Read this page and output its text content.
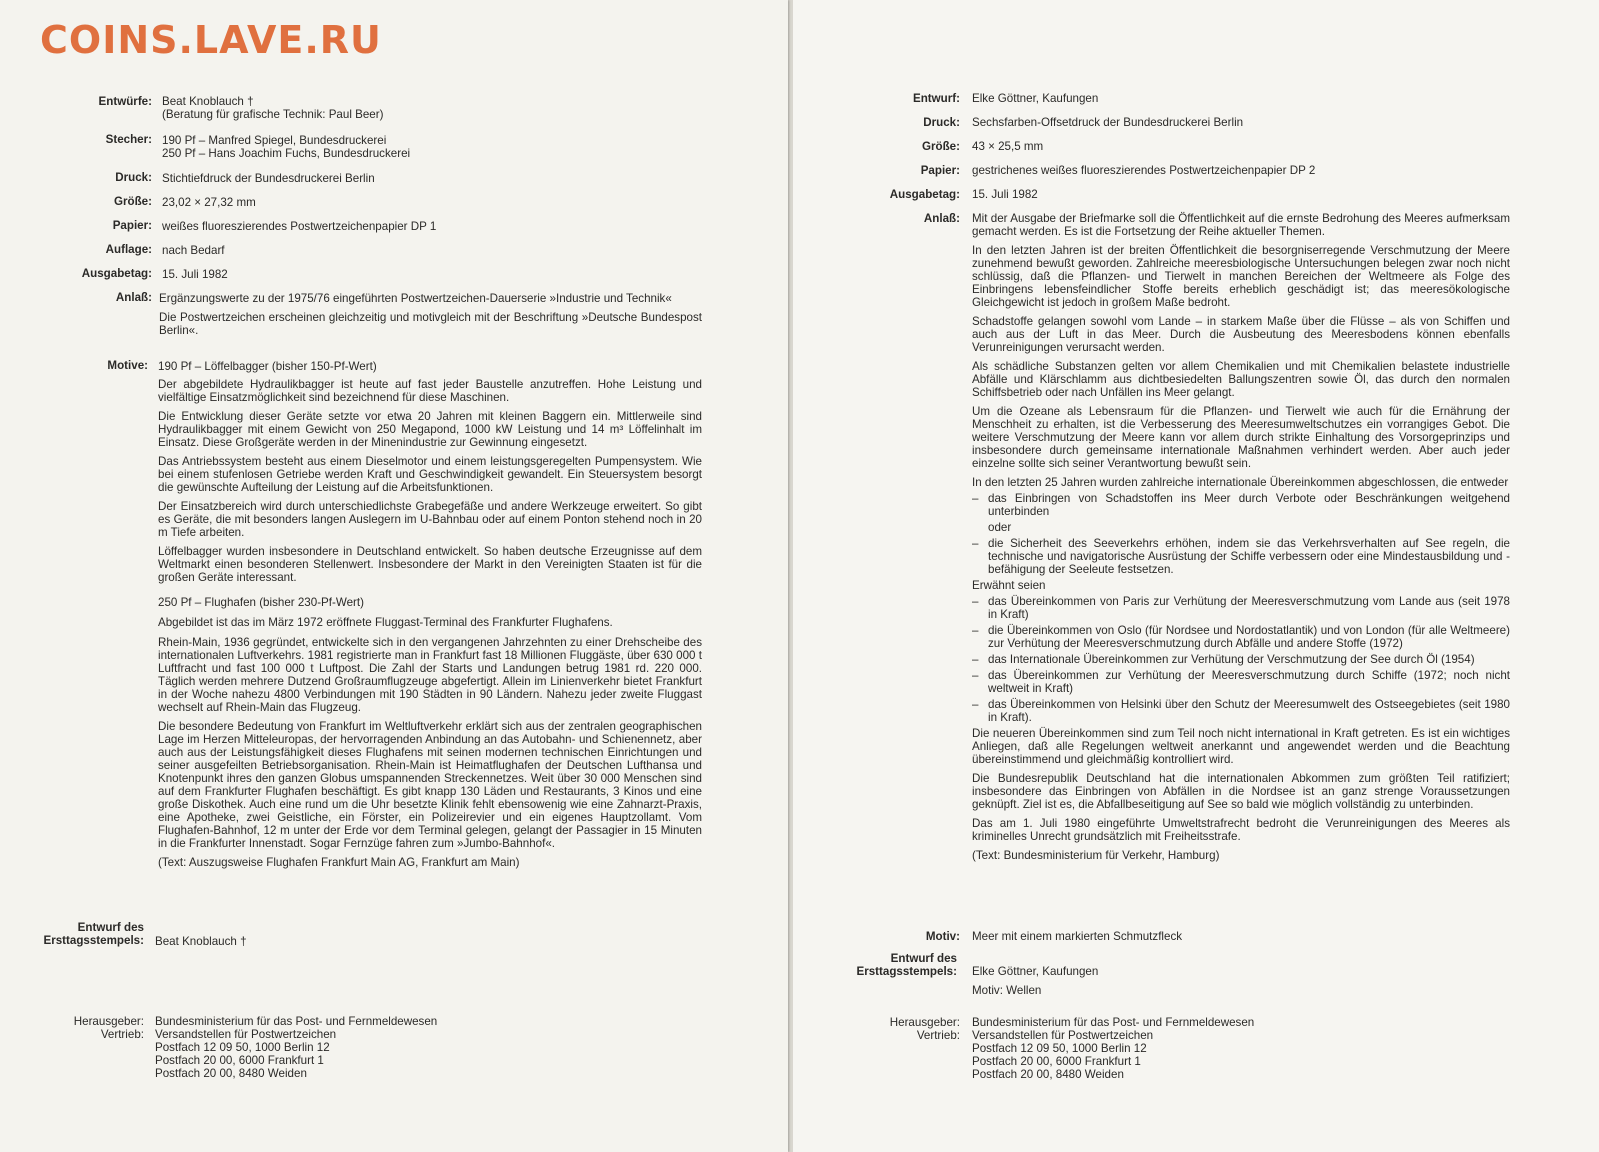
COINS.LAVE.RU
Entwürfe: Beat Knoblauch †
(Beratung für grafische Technik: Paul Beer)
Stecher: 190 Pf – Manfred Spiegel, Bundesdruckerei
250 Pf – Hans Joachim Fuchs, Bundesdruckerei
Druck: Stichtiefdruck der Bundesdruckerei Berlin
Größe: 23,02 × 27,32 mm
Papier: weißes fluoreszierendes Postwertzeichenpapier DP 1
Auflage: nach Bedarf
Ausgabetag: 15. Juli 1982
Anlaß: Ergänzungswerte zu der 1975/76 eingeführten Postwertzeichen-Dauerserie »Industrie und Technik«

Die Postwertzeichen erscheinen gleichzeitig und motivgleich mit der Beschriftung »Deutsche Bundespost Berlin«.

Motive: 190 Pf – Löffelbagger (bisher 150-Pf-Wert)

Der abgebildete Hydraulikbagger ist heute auf fast jeder Baustelle anzutreffen. Hohe Leistung und vielfältige Einsatzmöglichkeit sind bezeichnend für diese Maschinen.

Die Entwicklung dieser Geräte setzte vor etwa 20 Jahren mit kleinen Baggern ein. Mittlerweile sind Hydraulikbagger mit einem Gewicht von 250 Megapond, 1000 kW Leistung und 14 m³ Löffelinhalt im Einsatz. Diese Großgeräte werden in der Minenindustrie zur Gewinnung eingesetzt.

Das Antriebssystem besteht aus einem Dieselmotor und einem leistungsgeregelten Pumpensystem. Wie bei einem stufenlosen Getriebe werden Kraft und Geschwindigkeit gewandelt. Ein Steuersystem besorgt die gewünschte Aufteilung der Leistung auf die Arbeitsfunktionen.

Der Einsatzbereich wird durch unterschiedlichste Grabegefäße und andere Werkzeuge erweitert. So gibt es Geräte, die mit besonders langen Auslegern im U-Bahnbau oder auf einem Ponton stehend noch in 20 m Tiefe arbeiten.

Löffelbagger wurden insbesondere in Deutschland entwickelt. So haben deutsche Erzeugnisse auf dem Weltmarkt einen besonderen Stellenwert. Insbesondere der Markt in den Vereinigten Staaten ist für die großen Geräte interessant.

250 Pf – Flughafen (bisher 230-Pf-Wert)

Abgebildet ist das im März 1972 eröffnete Fluggast-Terminal des Frankfurter Flughafens.

Rhein-Main, 1936 gegründet, entwickelte sich in den vergangenen Jahrzehnten zu einer Drehscheibe des internationalen Luftverkehrs. 1981 registrierte man in Frankfurt fast 18 Millionen Fluggäste, über 630 000 t Luftfracht und fast 100 000 t Luftpost. Die Zahl der Starts und Landungen betrug 1981 rd. 220 000. Täglich werden mehrere Dutzend Großraumflugzeuge abgefertigt. Allein im Linienverkehr bietet Frankfurt in der Woche nahezu 4800 Verbindungen mit 190 Städten in 90 Ländern. Nahezu jeder zweite Fluggast wechselt auf Rhein-Main das Flugzeug.

Die besondere Bedeutung von Frankfurt im Weltluftverkehr erklärt sich aus der zentralen geographischen Lage im Herzen Mitteleuropas, der hervorragenden Anbindung an das Autobahn- und Schienennetz, aber auch aus der Leistungsfähigkeit dieses Flughafens mit seinen modernen technischen Einrichtungen und seiner ausgefeilten Betriebsorganisation. Rhein-Main ist Heimatflughafen der Deutschen Lufthansa und Knotenpunkt ihres den ganzen Globus umspannenden Streckennetzes. Weit über 30 000 Menschen sind auf dem Frankfurter Flughafen beschäftigt. Es gibt knapp 130 Läden und Restaurants, 3 Kinos und eine große Diskothek. Auch eine rund um die Uhr besetzte Klinik fehlt ebensowenig wie eine Zahnarzt-Praxis, eine Apotheke, zwei Geistliche, ein Förster, ein Polizeirevier und ein eigenes Hauptzollamt. Vom Flughafen-Bahnhof, 12 m unter der Erde vor dem Terminal gelegen, gelangt der Passagier in 15 Minuten in die Frankfurter Innenstadt. Sogar Fernzüge fahren zum »Jumbo-Bahnhof«.

(Text: Auszugsweise Flughafen Frankfurt Main AG, Frankfurt am Main)

Entwurf des
Ersttagsstempels: Beat Knoblauch †
Herausgeber:
Vertrieb:
Bundesministerium für das Post- und Fernmeldewesen
Versandstellen für Postwertzeichen
Postfach 12 09 50, 1000 Berlin 12
Postfach 20 00, 6000 Frankfurt 1
Postfach 20 00, 8480 Weiden
Entwurf: Elke Göttner, Kaufungen
Druck: Sechsfarben-Offsetdruck der Bundesdruckerei Berlin
Größe: 43 × 25,5 mm
Papier: gestrichenes weißes fluoreszierendes Postwertzeichenpapier DP 2
Ausgabetag: 15. Juli 1982
Anlaß: Mit der Ausgabe der Briefmarke soll die Öffentlichkeit auf die ernste Bedrohung des Meeres aufmerksam gemacht werden. Es ist die Fortsetzung der Reihe aktueller Themen.

In den letzten Jahren ist der breiten Öffentlichkeit die besorgniserregende Verschmutzung der Meere zunehmend bewußt geworden. Zahlreiche meeresbiologische Untersuchungen belegen zwar noch nicht schlüssig, daß die Pflanzen- und Tierwelt in manchen Bereichen der Weltmeere als Folge des Einbringens lebensfeindlicher Stoffe bereits erheblich geschädigt ist; das meeresökologische Gleichgewicht ist jedoch in großem Maße bedroht.

Schadstoffe gelangen sowohl vom Lande – in starkem Maße über die Flüsse – als von Schiffen und auch aus der Luft in das Meer. Durch die Ausbeutung des Meeresbodens können ebenfalls Verunreinigungen verursacht werden.

Als schädliche Substanzen gelten vor allem Chemikalien und mit Chemikalien belastete industrielle Abfälle und Klärschlamm aus dichtbesiedelten Ballungszentren sowie Öl, das durch den normalen Schiffsbetrieb oder nach Unfällen ins Meer gelangt.

Um die Ozeane als Lebensraum für die Pflanzen- und Tierwelt wie auch für die Ernährung der Menschheit zu erhalten, ist die Verbesserung des Meeresumweltschutzes ein vorrangiges Gebot. Die weitere Verschmutzung der Meere kann vor allem durch strikte Einhaltung des Vorsorgeprinzips und insbesondere durch gemeinsame internationale Maßnahmen verhindert werden. Aber auch jeder einzelne sollte sich seiner Verantwortung bewußt sein.

In den letzten 25 Jahren wurden zahlreiche internationale Übereinkommen abgeschlossen, die entweder

– das Einbringen von Schadstoffen ins Meer durch Verbote oder Beschränkungen weitgehend unterbinden
oder
– die Sicherheit des Seeverkehrs erhöhen, indem sie das Verkehrsverhalten auf See regeln, die technische und navigatorische Ausrüstung der Schiffe verbessern oder eine Mindestausbildung und -befähigung der Seeleute festsetzen.
Erwähnt seien
– das Übereinkommen von Paris zur Verhütung der Meeresverschmutzung vom Lande aus (seit 1978 in Kraft)
– die Übereinkommen von Oslo (für Nordsee und Nordostatlantik) und von London (für alle Weltmeere) zur Verhütung der Meeresverschmutzung durch Abfälle und andere Stoffe (1972)
– das Internationale Übereinkommen zur Verhütung der Verschmutzung der See durch Öl (1954)
– das Übereinkommen zur Verhütung der Meeresverschmutzung durch Schiffe (1972; noch nicht weltweit in Kraft)
– das Übereinkommen von Helsinki über den Schutz der Meeresumwelt des Ostseegebietes (seit 1980 in Kraft).

Die neueren Übereinkommen sind zum Teil noch nicht international in Kraft getreten. Es ist ein wichtiges Anliegen, daß alle Regelungen weltweit anerkannt und angewendet werden und die Beachtung übereinstimmend und gleichmäßig kontrolliert wird.

Die Bundesrepublik Deutschland hat die internationalen Abkommen zum größten Teil ratifiziert; insbesondere das Einbringen von Abfällen in die Nordsee ist an ganz strenge Voraussetzungen geknüpft. Ziel ist es, die Abfallbeseitigung auf See so bald wie möglich vollständig zu unterbinden.

Das am 1. Juli 1980 eingeführte Umweltstrafrecht bedroht die Verunreinigungen des Meeres als kriminelles Unrecht grundsätzlich mit Freiheitsstrafe.

(Text: Bundesministerium für Verkehr, Hamburg)

Motiv: Meer mit einem markierten Schmutzfleck
Entwurf des
Ersttagsstempels: Elke Göttner, Kaufungen
Motiv: Wellen
Herausgeber:
Vertrieb:
Bundesministerium für das Post- und Fernmeldewesen
Versandstellen für Postwertzeichen
Postfach 12 09 50, 1000 Berlin 12
Postfach 20 00, 6000 Frankfurt 1
Postfach 20 00, 8480 Weiden
